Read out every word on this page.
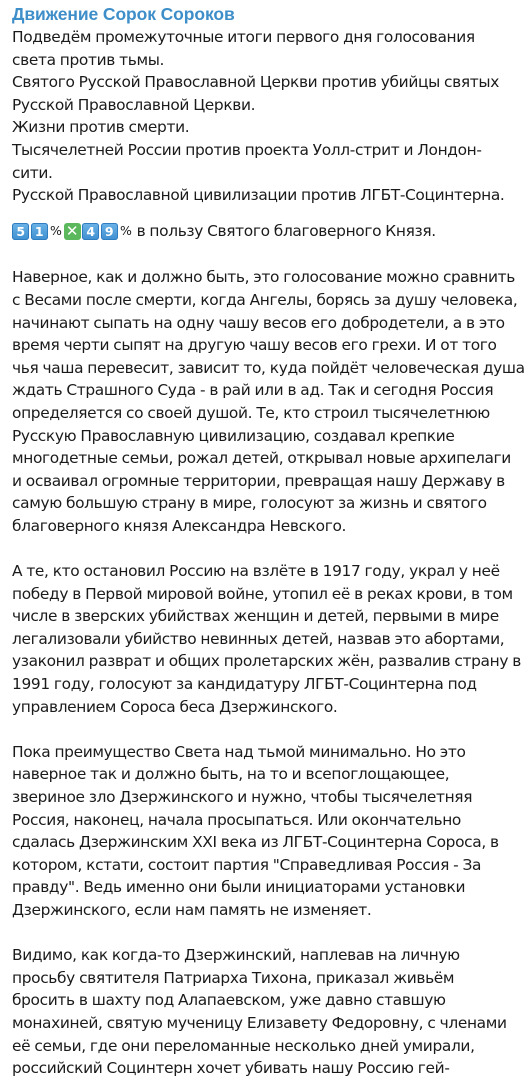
Движение Сорок Сороков
Подведём промежуточные итоги первого дня голосования
света против тьмы.
Святого Русской Православной Церкви против убийцы святых
Русской Православной Церкви.
Жизни против смерти.
Тысячелетней России против проекта Уолл-стрит и Лондон-
сити.
Русской Православной цивилизации против ЛГБТ-Социнтерна.
5 1 % ✕ 4 9 % в пользу Святого благоверного Князя.
Наверное, как и должно быть, это голосование можно сравнить
с Весами после смерти, когда Ангелы, борясь за душу человека,
начинают сыпать на одну чашу весов его добродетели, а в это
время черти сыпят на другую чашу весов его грехи. И от того
чья чаша перевесит, зависит то, куда пойдёт человеческая душа
ждать Страшного Суда - в рай или в ад. Так и сегодня Россия
определяется со своей душой. Те, кто строил тысячелетнюю
Русскую Православную цивилизацию, создавал крепкие
многодетные семьи, рожал детей, открывал новые архипелаги
и осваивал огромные территории, превращая нашу Державу в
самую большую страну в мире, голосуют за жизнь и святого
благоверного князя Александра Невского.
А те, кто остановил Россию на взлёте в 1917 году, украл у неё
победу в Первой мировой войне, утопил её в реках крови, в том
числе в зверских убийствах женщин и детей, первыми в мире
легализовали убийство невинных детей, назвав это абортами,
узаконил разврат и общих пролетарских жён, развалив страну в
1991 году, голосуют за кандидатуру ЛГБТ-Социнтерна под
управлением Сороса беса Дзержинского.
Пока преимущество Света над тьмой минимально. Но это
наверное так и должно быть, на то и всепоглощающее,
звериное зло Дзержинского и нужно, чтобы тысячелетняя
Россия, наконец, начала просыпаться. Или окончательно
сдалась Дзержинским XXI века из ЛГБТ-Социнтерна Сороса, в
котором, кстати, состоит партия "Справедливая Россия - За
правду". Ведь именно они были инициаторами установки
Дзержинского, если нам память не изменяет.
Видимо, как когда-то Дзержинский, наплевав на личную
просьбу святителя Патриарха Тихона, приказал живьём
бросить в шахту под Алапаевском, уже давно ставшую
монахиней, святую мученицу Елизавету Федоровну, с членами
её семьи, где они переломанные несколько дней умирали,
российский Социнтерн хочет убивать нашу Россию гей-
